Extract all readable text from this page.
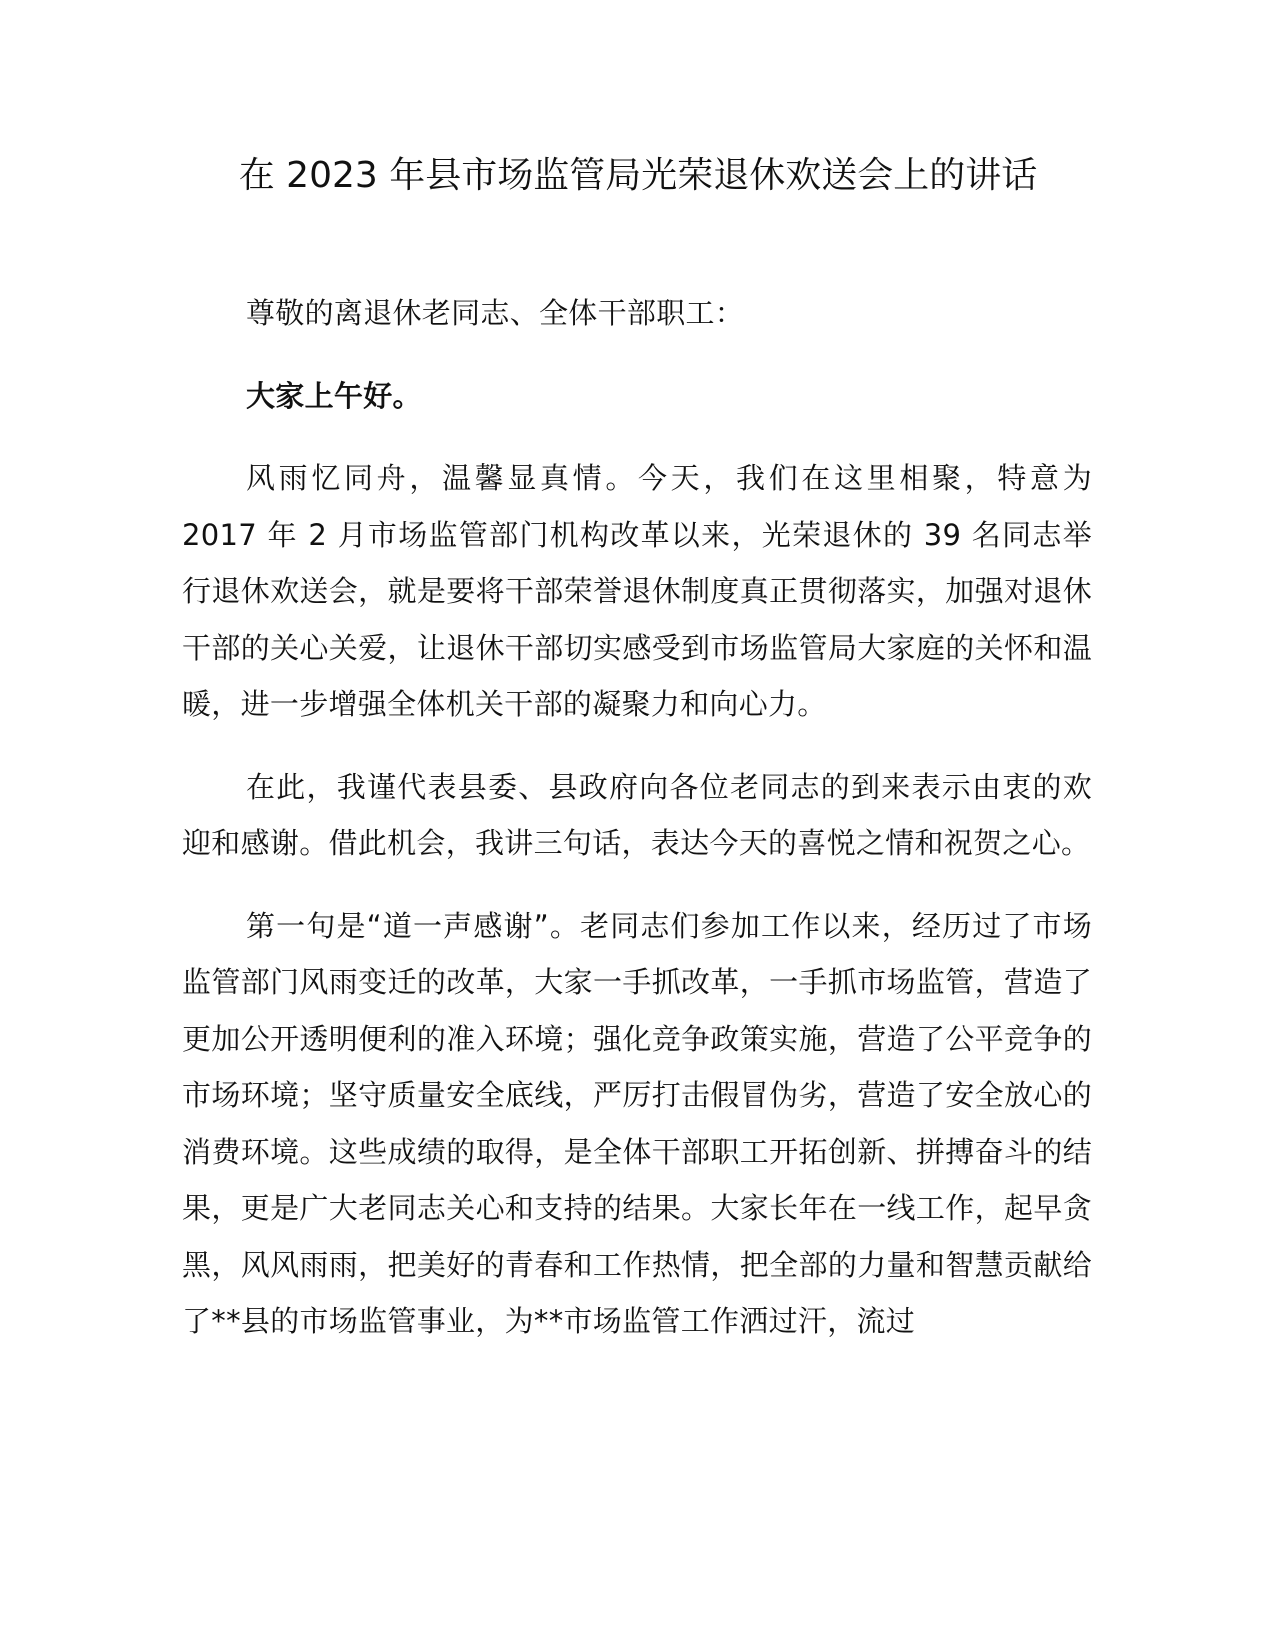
在 2023 年县市场监管局光荣退休欢送会上的讲话

尊敬的离退休老同志、全体干部职工：

大家上午好。

风雨忆同舟，温馨显真情。今天，我们在这里相聚，特意为 2017 年 2 月市场监管部门机构改革以来，光荣退休的 39 名同志举行退休欢送会，就是要将干部荣誉退休制度真正贯彻落实，加强对退休干部的关心关爱，让退休干部切实感受到市场监管局大家庭的关怀和温暖，进一步增强全体机关干部的凝聚力和向心力。

在此，我谨代表县委、县政府向各位老同志的到来表示由衷的欢迎和感谢。借此机会，我讲三句话，表达今天的喜悦之情和祝贺之心。

第一句是“道一声感谢”。老同志们参加工作以来，经历过了市场监管部门风雨变迁的改革，大家一手抓改革，一手抓市场监管，营造了更加公开透明便利的准入环境；强化竞争政策实施，营造了公平竞争的市场环境；坚守质量安全底线，严厉打击假冒伪劣，营造了安全放心的消费环境。这些成绩的取得，是全体干部职工开拓创新、拼搏奋斗的结果，更是广大老同志关心和支持的结果。大家长年在一线工作，起早贪黑，风风雨雨，把美好的青春和工作热情，把全部的力量和智慧贡献给了**县的市场监管事业，为**市场监管工作洒过汗，流过
